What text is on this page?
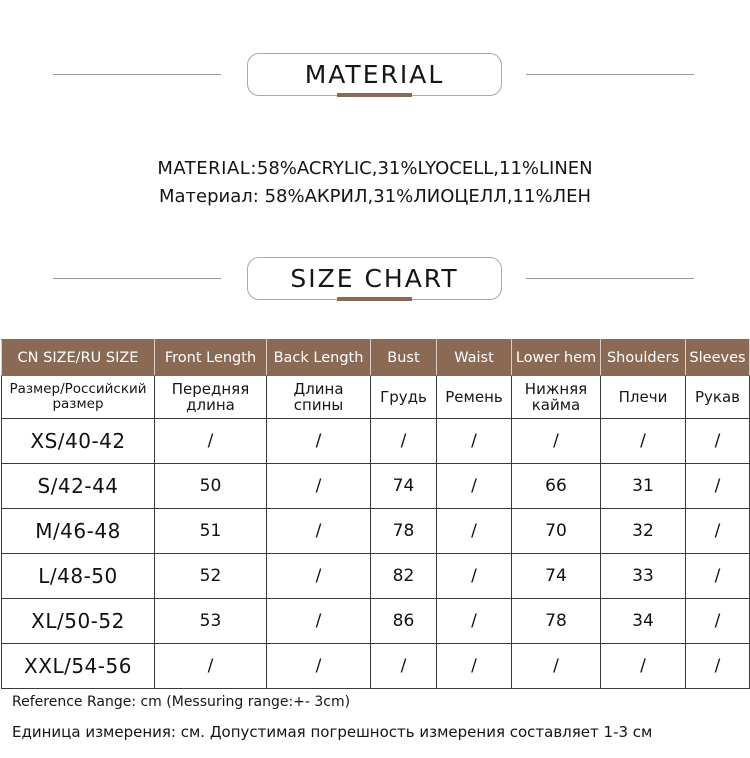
MATERIAL
MATERIAL:58%ACRYLIC,31%LYOCELL,11%LINEN
Материал: 58%АКРИЛ,31%ЛИОЦЕЛЛ,11%ЛЕН
SIZE CHART
CN SIZE/RU SIZE	Front Length	Back Length	Bust	Waist	Lower hem	Shoulders	Sleeves
Размер/Российский размер	Передняя длина	Длина спины	Грудь	Ремень	Нижняя кайма	Плечи	Рукав
XS/40-42	/	/	/	/	/	/	/
S/42-44	50	/	74	/	66	31	/
M/46-48	51	/	78	/	70	32	/
L/48-50	52	/	82	/	74	33	/
XL/50-52	53	/	86	/	78	34	/
XXL/54-56	/	/	/	/	/	/	/
Reference Range: cm (Messuring range:+- 3cm)
Единица измерения: см. Допустимая погрешность измерения составляет 1-3 см
